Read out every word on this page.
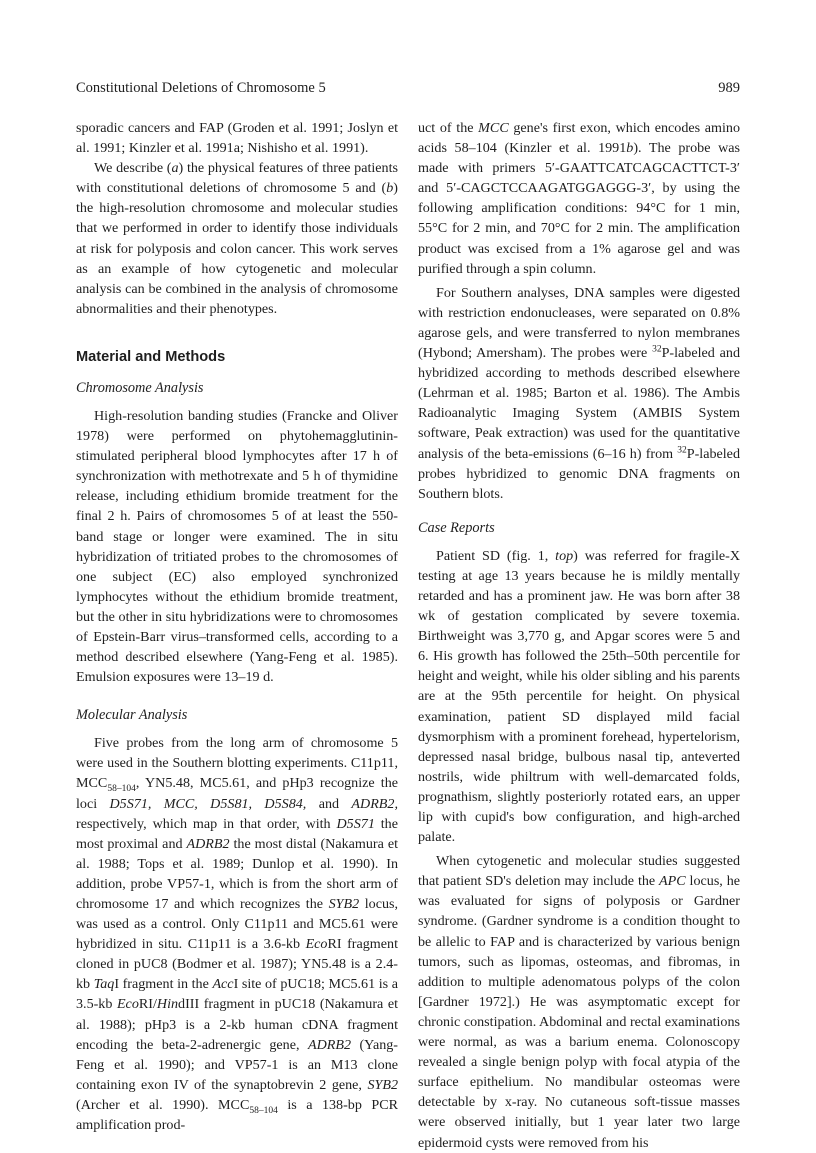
Constitutional Deletions of Chromosome 5	989

sporadic cancers and FAP (Groden et al. 1991; Joslyn et al. 1991; Kinzler et al. 1991a; Nishisho et al. 1991).

We describe (a) the physical features of three patients with constitutional deletions of chromosome 5 and (b) the high-resolution chromosome and molecular studies that we performed in order to identify those individuals at risk for polyposis and colon cancer. This work serves as an example of how cytogenetic and molecular analysis can be combined in the analysis of chromosome abnormalities and their phenotypes.

Material and Methods
Chromosome Analysis

High-resolution banding studies (Francke and Oliver 1978) were performed on phytohemagglutinin-stimulated peripheral blood lymphocytes after 17 h of synchronization with methotrexate and 5 h of thymidine release, including ethidium bromide treatment for the final 2 h. Pairs of chromosomes 5 of at least the 550-band stage or longer were examined. The in situ hybridization of tritiated probes to the chromosomes of one subject (EC) also employed synchronized lymphocytes without the ethidium bromide treatment, but the other in situ hybridizations were to chromosomes of Epstein-Barr virus–transformed cells, according to a method described elsewhere (Yang-Feng et al. 1985). Emulsion exposures were 13–19 d.

Molecular Analysis

Five probes from the long arm of chromosome 5 were used in the Southern blotting experiments. C11p11, $MCC_{58-104}$, YN5.48, MC5.61, and pHp3 recognize the loci D5S71, MCC, D5S81, D5S84, and ADRB2, respectively, which map in that order, with D5S71 the most proximal and ADRB2 the most distal (Nakamura et al. 1988; Tops et al. 1989; Dunlop et al. 1990). In addition, probe VP57-1, which is from the short arm of chromosome 17 and which recognizes the SYB2 locus, was used as a control. Only C11p11 and MC5.61 were hybridized in situ. C11p11 is a 3.6-kb EcoRI fragment cloned in pUC8 (Bodmer et al. 1987); YN5.48 is a 2.4-kb TaqI fragment in the AccI site of pUC18; MC5.61 is a 3.5-kb EcoRI/HindIII fragment in pUC18 (Nakamura et al. 1988); pHp3 is a 2-kb human cDNA fragment encoding the beta-2-adrenergic gene, ADRB2 (Yang-Feng et al. 1990); and VP57-1 is an M13 clone containing exon IV of the synaptobrevin 2 gene, SYB2 (Archer et al. 1990). $MCC_{58-104}$ is a 138-bp PCR amplification prod-

uct of the MCC gene's first exon, which encodes amino acids 58–104 (Kinzler et al. 1991b). The probe was made with primers 5′-GAATTCATCAGCACTTCT-3′ and 5′-CAGCTCCAAGATGGAGGG-3′, by using the following amplification conditions: 94°C for 1 min, 55°C for 2 min, and 70°C for 2 min. The amplification product was excised from a 1% agarose gel and was purified through a spin column.

For Southern analyses, DNA samples were digested with restriction endonucleases, were separated on 0.8% agarose gels, and were transferred to nylon membranes (Hybond; Amersham). The probes were $^{32}$P-labeled and hybridized according to methods described elsewhere (Lehrman et al. 1985; Barton et al. 1986). The Ambis Radioanalytic Imaging System (AMBIS System software, Peak extraction) was used for the quantitative analysis of the beta-emissions (6–16 h) from $^{32}$P-labeled probes hybridized to genomic DNA fragments on Southern blots.

Case Reports

Patient SD (fig. 1, top) was referred for fragile-X testing at age 13 years because he is mildly mentally retarded and has a prominent jaw. He was born after 38 wk of gestation complicated by severe toxemia. Birthweight was 3,770 g, and Apgar scores were 5 and 6. His growth has followed the 25th–50th percentile for height and weight, while his older sibling and his parents are at the 95th percentile for height. On physical examination, patient SD displayed mild facial dysmorphism with a prominent forehead, hypertelorism, depressed nasal bridge, bulbous nasal tip, anteverted nostrils, wide philtrum with well-demarcated folds, prognathism, slightly posteriorly rotated ears, an upper lip with cupid's bow configuration, and high-arched palate.

When cytogenetic and molecular studies suggested that patient SD's deletion may include the APC locus, he was evaluated for signs of polyposis or Gardner syndrome. (Gardner syndrome is a condition thought to be allelic to FAP and is characterized by various benign tumors, such as lipomas, osteomas, and fibromas, in addition to multiple adenomatous polyps of the colon [Gardner 1972].) He was asymptomatic except for chronic constipation. Abdominal and rectal examinations were normal, as was a barium enema. Colonoscopy revealed a single benign polyp with focal atypia of the surface epithelium. No mandibular osteomas were detectable by x-ray. No cutaneous soft-tissue masses were observed initially, but 1 year later two large epidermoid cysts were removed from his
